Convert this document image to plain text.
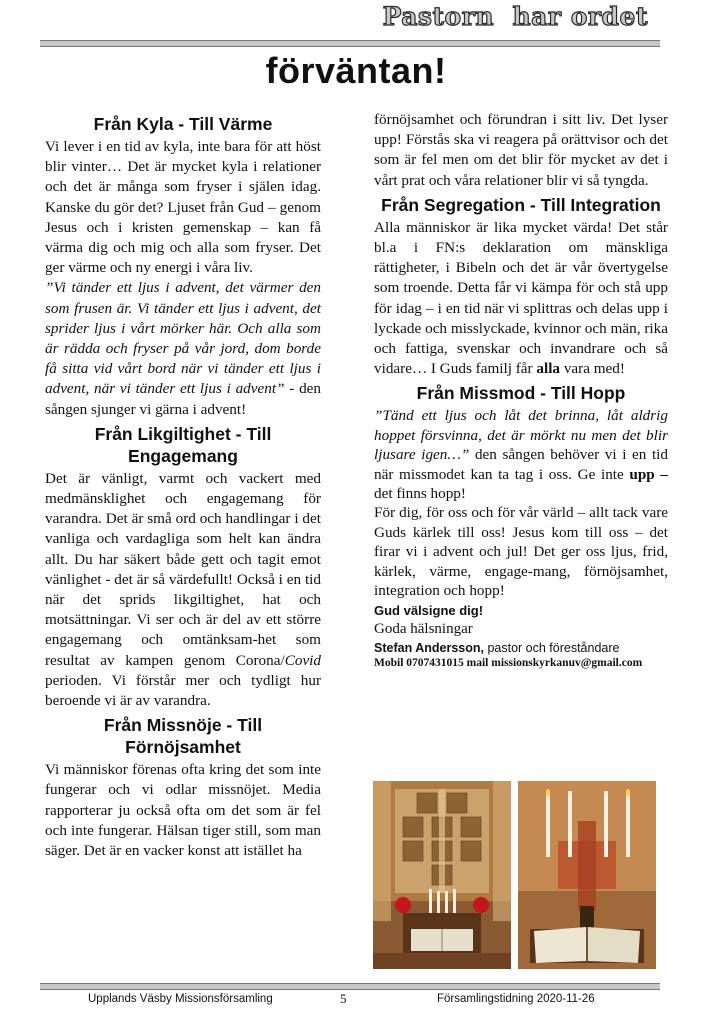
Pastorn  har ordet
förväntan!
Från Kyla - Till Värme

Vi lever i en tid av kyla, inte bara för att höst blir vinter… Det är mycket kyla i relationer och det är många som fryser i själen idag. Kanske du gör det? Ljuset från Gud – genom Jesus och i kristen gemenskap – kan få värma dig och mig och alla som fryser. Det ger värme och ny energi i våra liv.
”Vi tänder ett ljus i advent, det värmer den som frusen är. Vi tänder ett ljus i advent, det sprider ljus i vårt mörker här. Och alla som är rädda och fryser på vår jord, dom borde få sitta vid vårt bord när vi tänder ett ljus i advent, när vi tänder ett ljus i advent” - den sången sjunger vi gärna i advent!

Från Likgiltighet - Till Engagemang

Det är vänligt, varmt och vackert med medmänsklighet och engagemang för varandra. Det är små ord och handlingar i det vanliga och vardagliga som helt kan ändra allt. Du har säkert både gett och tagit emot vänlighet - det är så värdefullt! Också i en tid när det sprids likgiltighet, hat och motsättningar. Vi ser och är del av ett större engagemang och omtänksam-het som resultat av kampen genom Corona/Covid perioden. Vi förstår mer och tydligt hur beroende vi är av varandra.

Från Missnöje - Till Förnöjsamhet

Vi människor förenas ofta kring det som inte fungerar och vi odlar missnöjet. Media rapporterar ju också ofta om det som är fel och inte fungerar. Hälsan tiger still, som man säger. Det är en vacker konst att istället ha

förnöjsamhet och förundran i sitt liv. Det lyser upp! Förstås ska vi reagera på orättvisor och det som är fel men om det blir för mycket av det i vårt prat och våra relationer blir vi så tyngda.

Från Segregation - Till Integration

Alla människor är lika mycket värda! Det står bl.a i FN:s deklaration om mänskliga rättigheter, i Bibeln och det är vår övertygelse som troende. Detta får vi kämpa för och stå upp för idag – i en tid när vi splittras och delas upp i lyckade och misslyckade, kvinnor och män, rika och fattiga, svenskar och invandrare och så vidare… I Guds familj får alla vara med!

Från Missmod - Till Hopp

”Tänd ett ljus och låt det brinna, låt aldrig hoppet försvinna, det är mörkt nu men det blir ljusare igen…” den sången behöver vi i en tid när missmodet kan ta tag i oss. Ge inte upp – det finns hopp!

För dig, för oss och för vår värld – allt tack vare Guds kärlek till oss! Jesus kom till oss – det firar vi i advent och jul! Det ger oss ljus, frid, kärlek, värme, engage-mang, förnöjsamhet, integration och hopp!

Gud välsigne dig!
Goda hälsningar
Stefan Andersson, pastor och föreståndare
Mobil 0707431015 mail missionskyrkanuv@gmail.com
Upplands Väsby Missionsförsamling	5	Församlingstidning 2020-11-26
